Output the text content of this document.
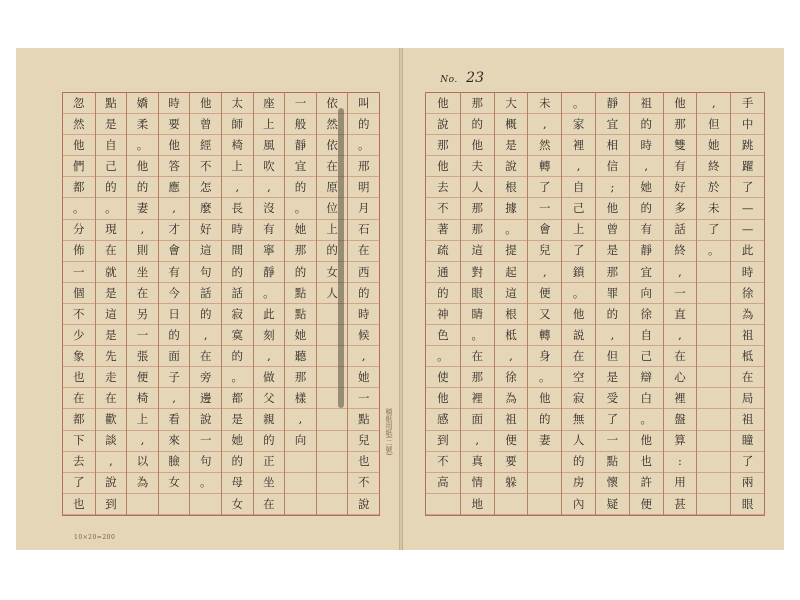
叫
的
。
邢
明
月
石
在
西
的
時
候
,
她
一
點
兒
也
不
說
依
然
依
在
原
位
上
的
女
人
一
般
靜
宜
的
。
她
那
的
點
點
她
聽
那
樣
,
向
座
上
風
吹
,
沒
有
寧
靜
。
此
刻
,
做
父
親
的
正
坐
在
太
師
椅
上
,
長
時
間
的
話
寂
寞
的
。
都
是
她
的
母
女
他
曾
經
不
怎
麼
好
這
句
話
的
,
在
旁
邊
說
一
句
。
時
要
他
答
應
,
才
會
有
今
日
的
面
子
,
看
來
臉
女
嬌
柔
。
他
的
妻
,
則
坐
在
另
一
張
便
椅
上
,
以
為
點
是
自
己
的
。
現
在
就
是
這
是
先
走
在
歡
談
,
說
到
忽
然
他
們
都
。
分
佈
一
個
不
少
象
也
在
都
下
去
了
也
稿紙用紙(二號)
10×20=200
No. 23
手
中
跳
躍
了
—
—
此
時
徐
為
祖
柢
在
局
祖
瞳
了
兩
眼
,
但
她
終
於
未
了
。
他
那
雙
有
好
多
話
終
,
一
直
,
在
心
裡
盤
算
:
用
甚
祖
的
時
,
她
的
有
靜
宜
向
徐
自
己
辯
白
。
他
也
許
便
靜
宜
相
信
;
他
曾
是
那
罪
的
,
但
是
受
了
一
點
懷
疑
。
家
裡
,
自
己
上
了
鎖
。
他
説
在
空
寂
無
人
的
房
內
未
,
然
轉
了
一
會
兒
,
便
又
轉
身
。
他
的
妻
大
概
是
說
根
據
。
提
起
這
根
柢
,
徐
為
祖
便
要
躲
那
的
他
夫
人
那
那
這
對
眼
睛
。
在
那
裡
面
,
真
情
地
他
說
那
他
去
不
著
疏
通
的
神
色
。
使
他
感
到
不
高
